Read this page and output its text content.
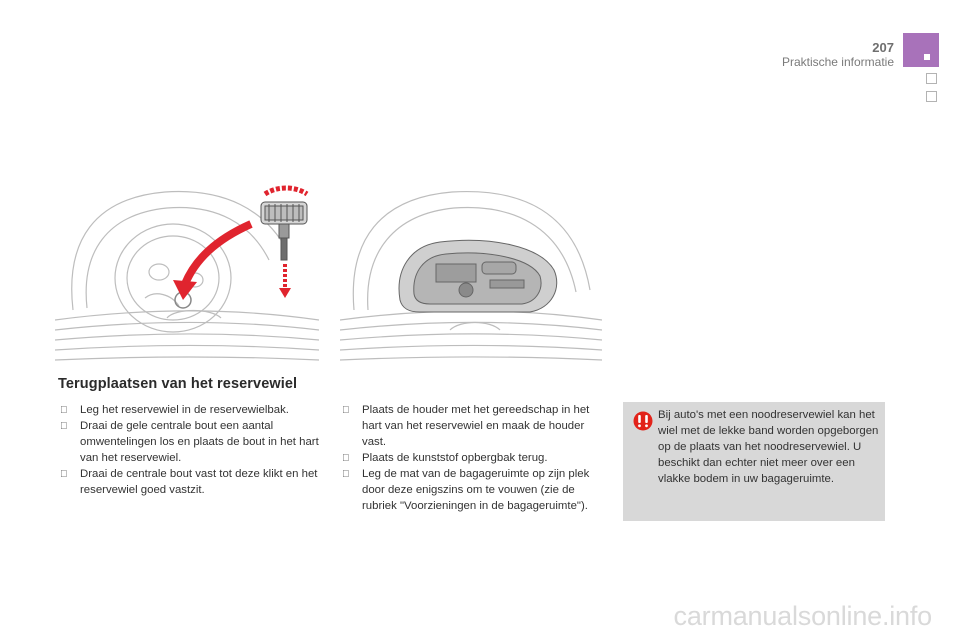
207
Praktische informatie
Terugplaatsen van het reservewiel
Leg het reservewiel in de reservewielbak.
Draai de gele centrale bout een aantal omwentelingen los en plaats de bout in het hart van het reservewiel.
Draai de centrale bout vast tot deze klikt en het reservewiel goed vastzit.
Plaats de houder met het gereedschap in het hart van het reservewiel en maak de houder vast.
Plaats de kunststof opbergbak terug.
Leg de mat van de bagageruimte op zijn plek door deze enigszins om te vouwen (zie de rubriek "Voorzieningen in de bagageruimte").
Bij auto's met een noodreservewiel kan het wiel met de lekke band worden opgeborgen op de plaats van het noodreservewiel. U beschikt dan echter niet meer over een vlakke bodem in uw bagageruimte.
carmanualsonline.info
